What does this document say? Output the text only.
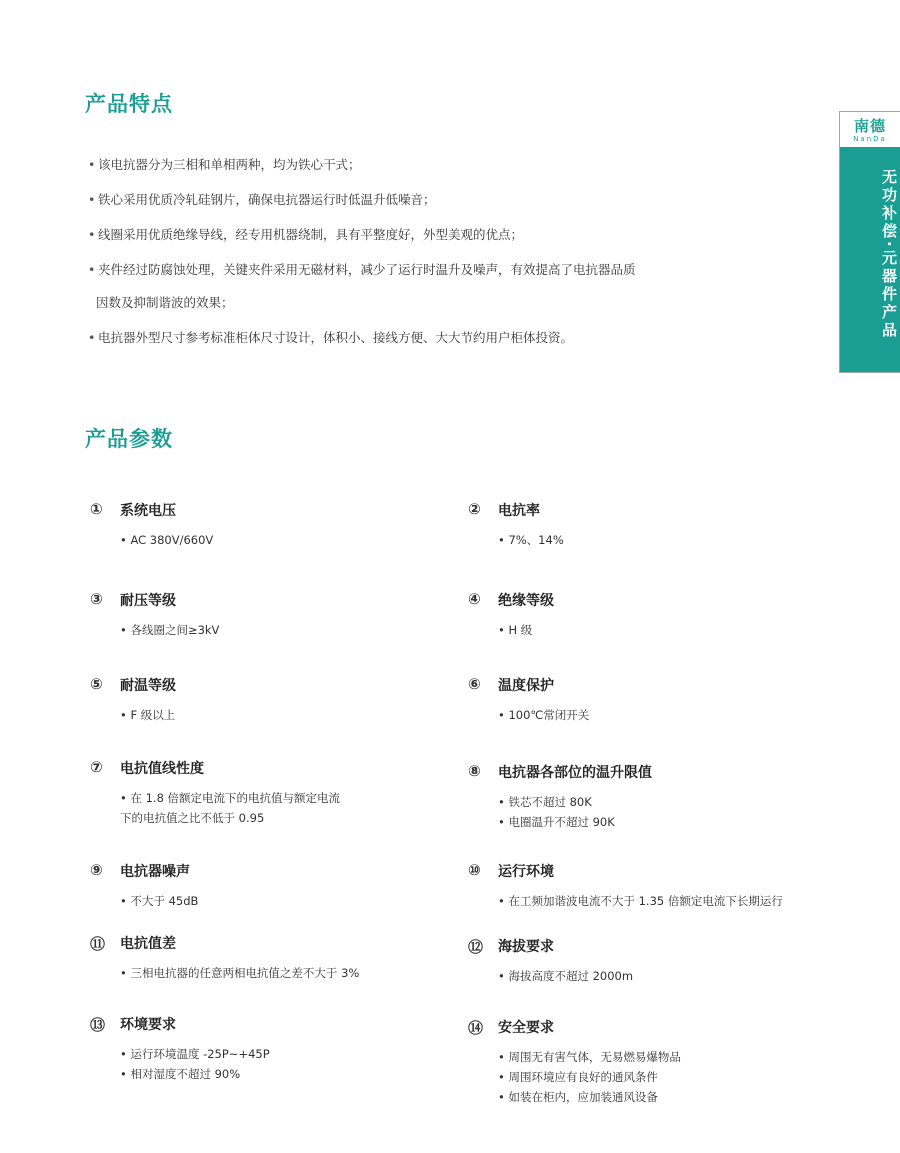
产品特点
• 该电抗器分为三相和单相两种，均为铁心干式；
• 铁心采用优质冷轧硅钢片，确保电抗器运行时低温升低噪音；
• 线圈采用优质绝缘导线，经专用机器绕制，具有平整度好，外型美观的优点；
• 夹件经过防腐蚀处理，关键夹件采用无磁材料，减少了运行时温升及噪声，有效提高了电抗器品质
因数及抑制谐波的效果；
• 电抗器外型尺寸参考标准柜体尺寸设计，体积小、接线方便、大大节约用户柜体投资。
南德
NanDa
无功补偿·元器件产品
产品参数
① 系统电压
• AC 380V/660V
② 电抗率
• 7%、14%
③ 耐压等级
• 各线圈之间≥3kV
④ 绝缘等级
• H 级
⑤ 耐温等级
• F 级以上
⑥ 温度保护
• 100℃常闭开关
⑦ 电抗值线性度
• 在 1.8 倍额定电流下的电抗值与额定电流
下的电抗值之比不低于 0.95
⑧ 电抗器各部位的温升限值
• 铁芯不超过 80K
• 电圈温升不超过 90K
⑨ 电抗器噪声
• 不大于 45dB
⑩ 运行环境
• 在工频加谐波电流不大于 1.35 倍额定电流下长期运行
⑪ 电抗值差
• 三相电抗器的任意两相电抗值之差不大于 3%
⑫ 海拔要求
• 海拔高度不超过 2000m
⑬ 环境要求
• 运行环境温度 -25P~+45P
• 相对湿度不超过 90%
⑭ 安全要求
• 周围无有害气体，无易燃易爆物品
• 周围环境应有良好的通风条件
• 如装在柜内，应加装通风设备
